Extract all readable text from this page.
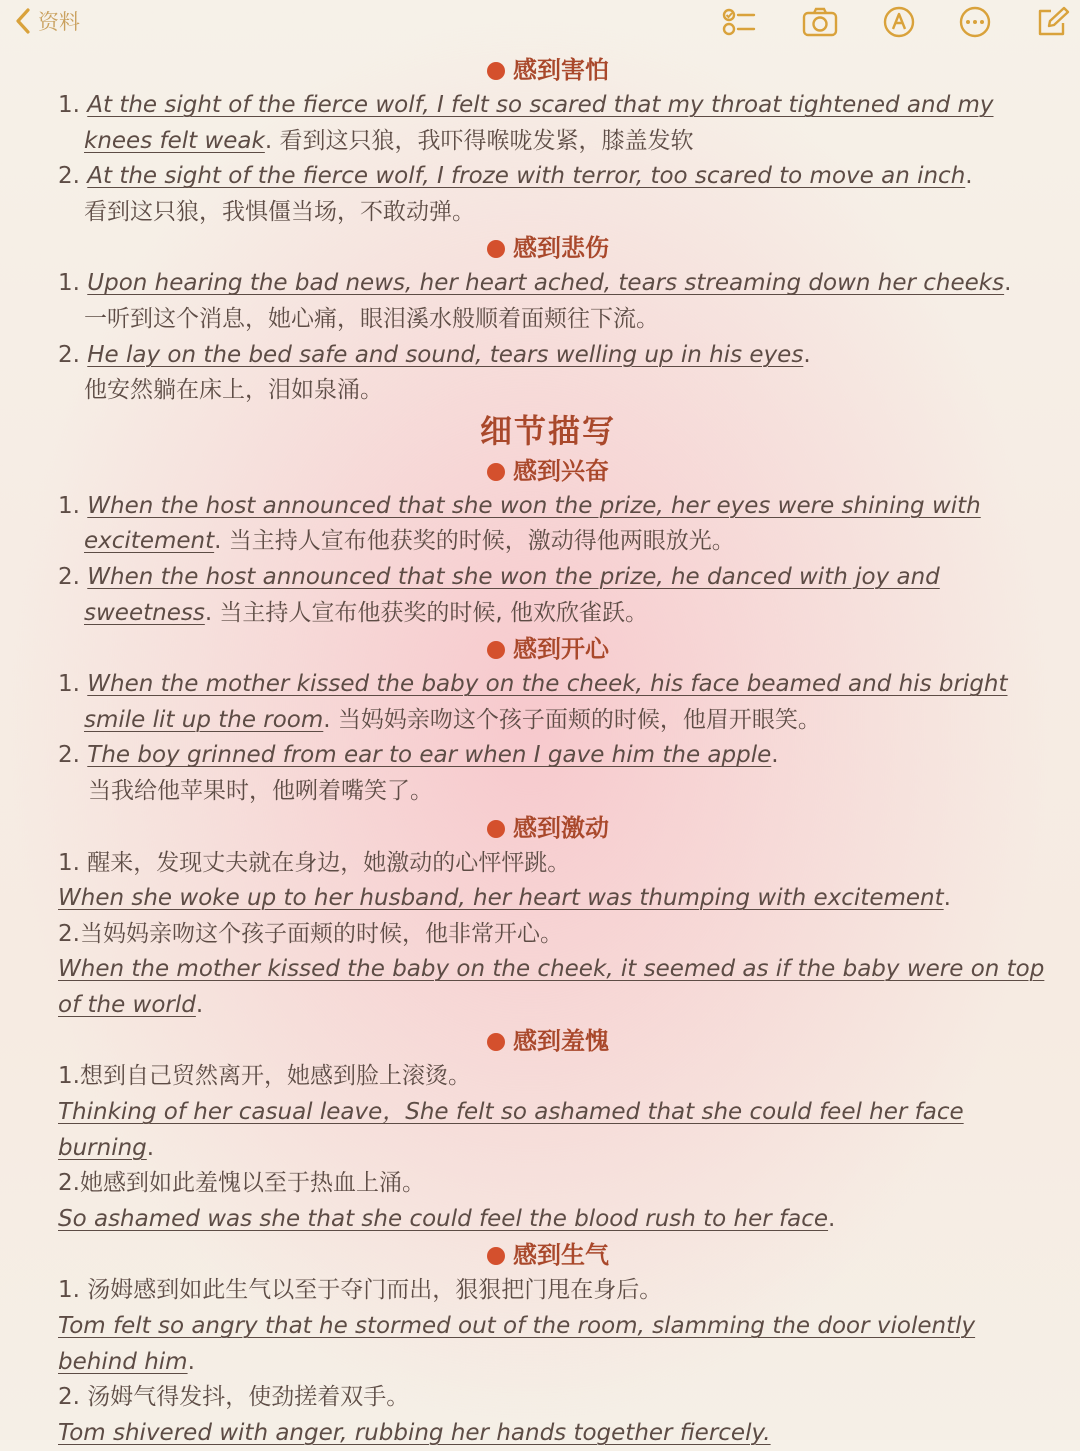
资料
感到害怕
1. At the sight of the fierce wolf, I felt so scared that my throat tightened and my
knees felt weak. 看到这只狼，我吓得喉咙发紧，膝盖发软
2. At the sight of the fierce wolf, I froze with terror, too scared to move an inch.
看到这只狼，我惧僵当场，不敢动弹。
感到悲伤
1. Upon hearing the bad news, her heart ached, tears streaming down her cheeks.
一听到这个消息，她心痛，眼泪溪水般顺着面颊往下流。
2. He lay on the bed safe and sound, tears welling up in his eyes.
他安然躺在床上，泪如泉涌。
细节描写
感到兴奋
1. When the host announced that she won the prize, her eyes were shining with
excitement. 当主持人宣布他获奖的时候，激动得他两眼放光。
2. When the host announced that she won the prize, he danced with joy and
sweetness. 当主持人宣布他获奖的时候, 他欢欣雀跃。
感到开心
1. When the mother kissed the baby on the cheek, his face beamed and his bright
smile lit up the room. 当妈妈亲吻这个孩子面颊的时候，他眉开眼笑。
2. The boy grinned from ear to ear when I gave him the apple.
当我给他苹果时，他咧着嘴笑了。
感到激动
1. 醒来，发现丈夫就在身边，她激动的心怦怦跳。
When she woke up to her husband, her heart was thumping with excitement.
2.当妈妈亲吻这个孩子面颊的时候，他非常开心。
When the mother kissed the baby on the cheek, it seemed as if the baby were on top
of the world.
感到羞愧
1.想到自己贸然离开，她感到脸上滚烫。
Thinking of her casual leave，She felt so ashamed that she could feel her face
burning.
2.她感到如此羞愧以至于热血上涌。
So ashamed was she that she could feel the blood rush to her face.
感到生气
1. 汤姆感到如此生气以至于夺门而出，狠狠把门甩在身后。
Tom felt so angry that he stormed out of the room, slamming the door violently
behind him.
2. 汤姆气得发抖，使劲搓着双手。
Tom shivered with anger, rubbing her hands together fiercely.
